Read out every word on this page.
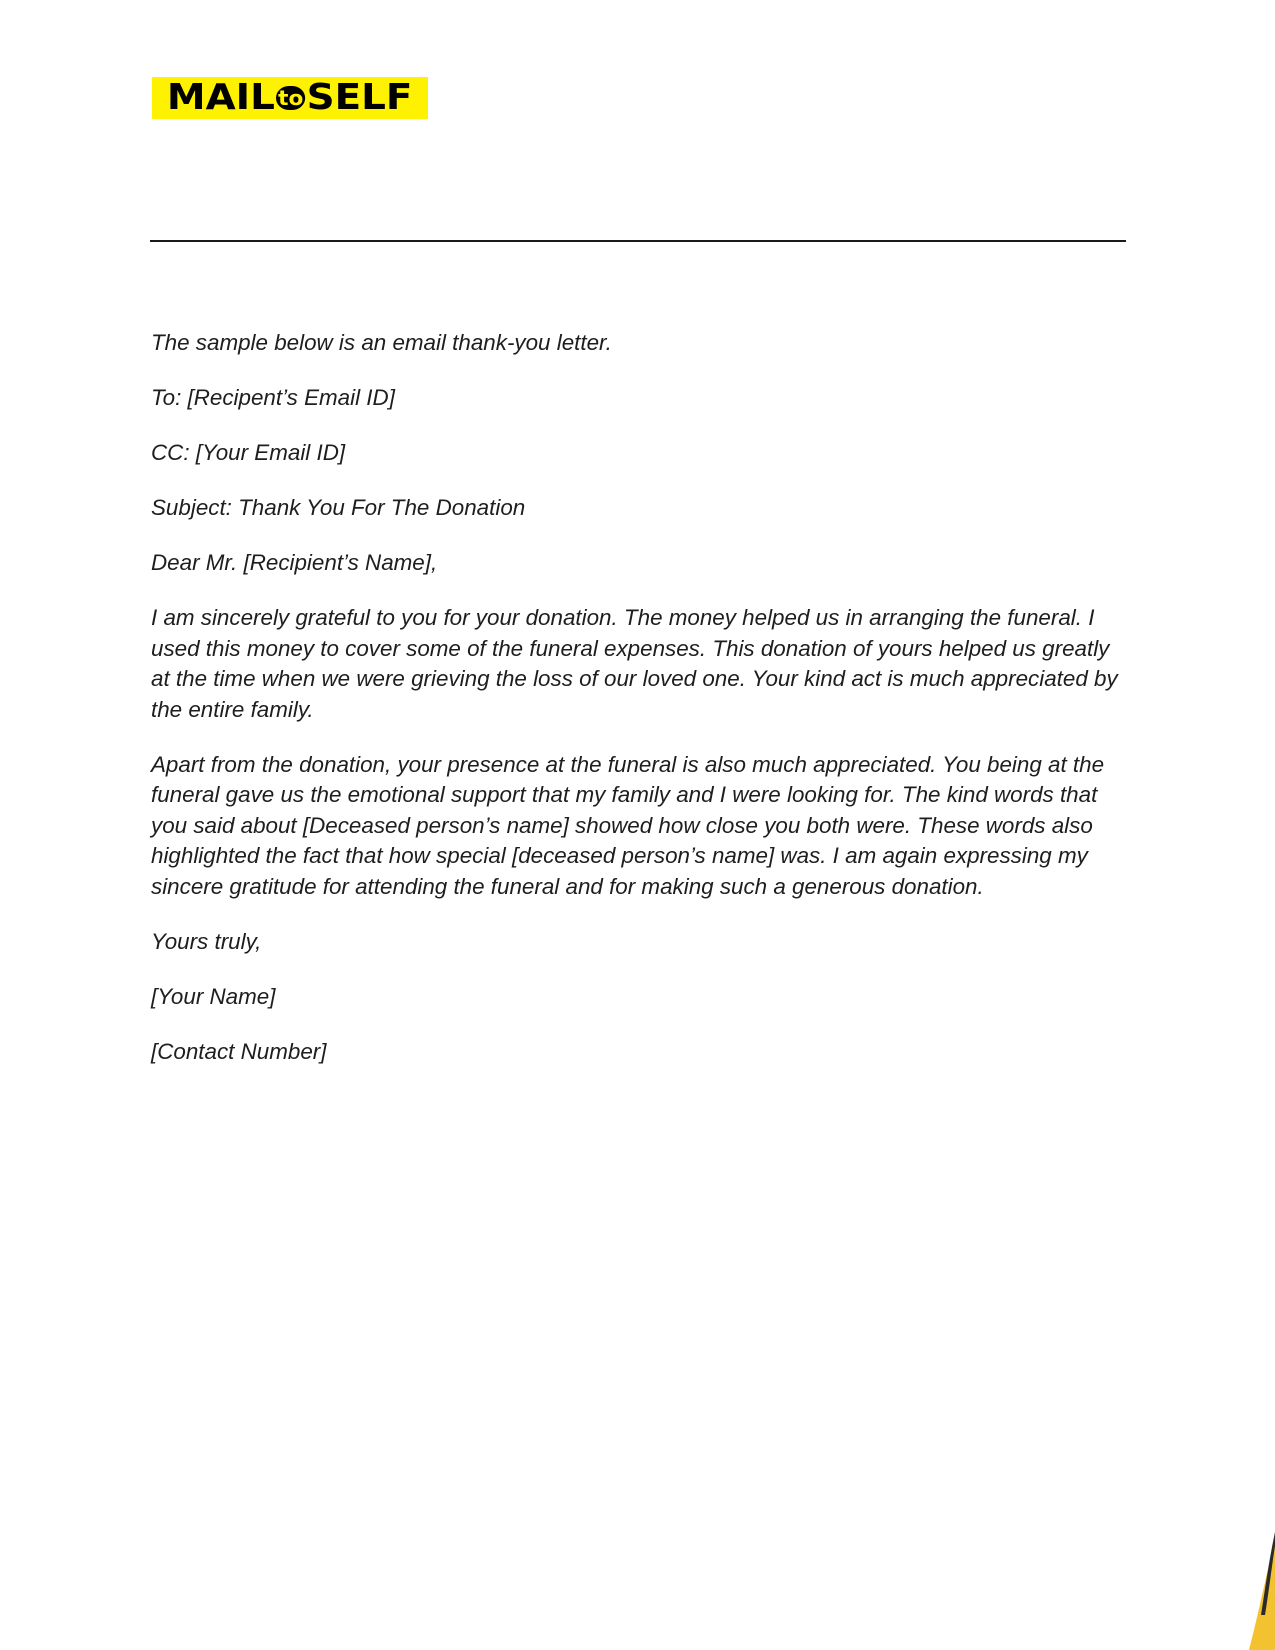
MAIL to SELF

The sample below is an email thank-you letter.

To: [Recipent’s Email ID]

CC: [Your Email ID]

Subject: Thank You For The Donation

Dear Mr. [Recipient’s Name],

I am sincerely grateful to you for your donation. The money helped us in arranging the funeral. I used this money to cover some of the funeral expenses. This donation of yours helped us greatly at the time when we were grieving the loss of our loved one. Your kind act is much appreciated by the entire family.

Apart from the donation, your presence at the funeral is also much appreciated. You being at the funeral gave us the emotional support that my family and I were looking for. The kind words that you said about [Deceased person’s name] showed how close you both were. These words also highlighted the fact that how special [deceased person’s name] was. I am again expressing my sincere gratitude for attending the funeral and for making such a generous donation.

Yours truly,

[Your Name]

[Contact Number]
